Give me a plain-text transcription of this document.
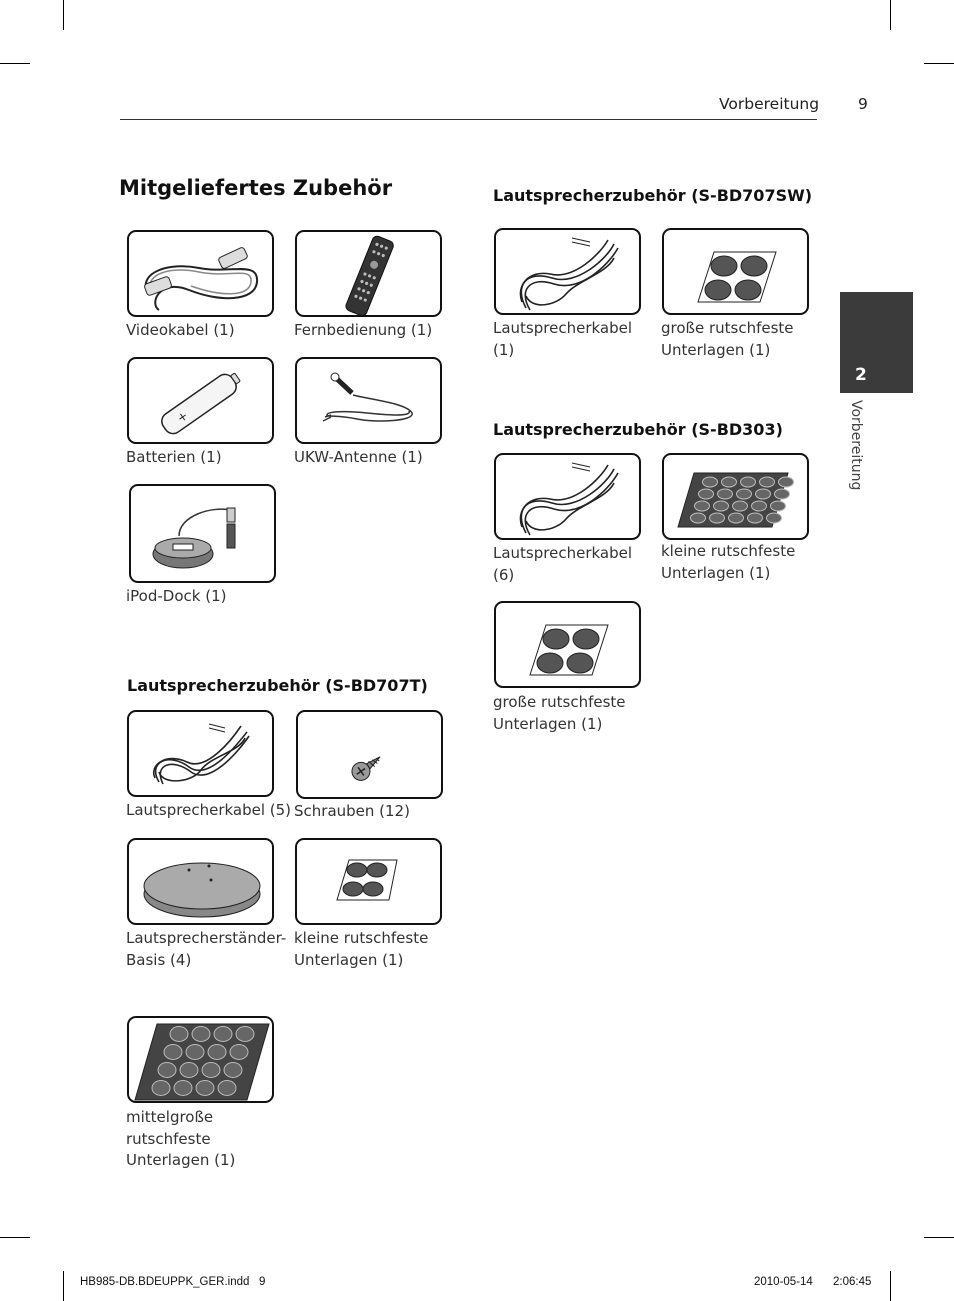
Vorbereitung	9
2
Vorbereitung
Mitgeliefertes Zubehör
Videokabel (1)	Fernbedienung (1)
+
Batterien (1)	UKW-Antenne (1)
iPod-Dock (1)
Lautsprecherzubehör (S-BD707T)
Lautsprecherkabel (5) Schrauben (12)
Lautsprecherständer-
Basis (4)
kleine rutschfeste
Unterlagen (1)
mittelgroße
rutschfeste
Unterlagen (1)
Lautsprecherzubehör (S-BD707SW)
Lautsprecherkabel
(1)
große rutschfeste
Unterlagen (1)
Lautsprecherzubehör (S-BD303)
Lautsprecherkabel
(6)
kleine rutschfeste
Unterlagen (1)
große rutschfeste
Unterlagen (1)
HB985-DB.BDEUPPK_GER.indd   9	2010-05-14 2:06:45
